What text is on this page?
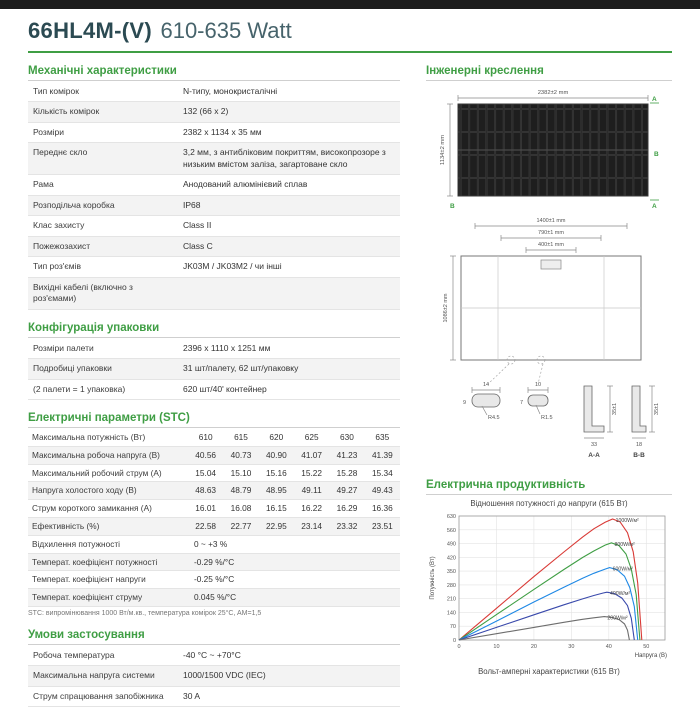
66HL4M-(V) 610-635 Watt
Механічні характеристики
Тип комірок	N-типу, монокристалічні
Кількість комірок	132 (66 x 2)
Розміри	2382 x 1134 x 35 мм
Переднє скло	3,2 мм, з антибліковим покриттям, високопрозоре з низьким вмістом заліза, загартоване скло
Рама	Анодований алюмінієвий сплав
Розподільча коробка	IP68
Клас захисту	Class II
Пожежозахист	Class C
Тип роз'ємів	JK03M / JK03M2 / чи інші
Вихідні кабелі (включно з роз'ємами)	
Конфігурація упаковки
Розміри палети	2396 x 1110 x 1251 мм
Подробиці упаковки	31 шт/палету, 62 шт/упаковку
(2 палети = 1 упаковка)	620 шт/40' контейнер
Електричні параметри (STC)
Максимальна потужність (Вт)	610	615	620	625	630	635
Максимальна робоча напруга (B)	40.56	40.73	40.90	41.07	41.23	41.39
Максимальний робочий струм (A)	15.04	15.10	15.16	15.22	15.28	15.34
Напруга холостого ходу (B)	48.63	48.79	48.95	49.11	49.27	49.43
Струм короткого замикання (A)	16.01	16.08	16.15	16.22	16.29	16.36
Ефективність (%)	22.58	22.77	22.95	23.14	23.32	23.51
Відхилення потужності	0 ~ +3 %					
Температ. коефіцієнт потужності	-0.29 %/°C					
Температ. коефіцієнт напруги	-0.25 %/°C					
Температ. коефіцієнт струму	0.045 %/°C					
STC: випромінювання 1000 Вт/м.кв., температура комірок 25°C, AM=1,5
Умови застосування
Робоча температура	-40 °C ~ +70°C
Максимальна напруга системи	1000/1500 VDC (IEC)
Струм спрацювання запобіжника	30 A
Інженерні креслення
2382±2 mm
1134±2 mm
A
A
B
B
1400±1 mm
790±1 mm
400±1 mm
1086±2 mm
14
9
R4.5
10
7
R1.5
35±1
33
A-A
35±1
18
B-B
Електрична продуктивність
Відношення потужності до напруги (615 Вт)
0
70
140
210
280
350
420
490
560
630
0	10	20	30	40	50
1000W/м²
800W/м²
600W/м²
400W/м²
200W/м²
Потужність (Вт)
Напруга (В)
Вольт-амперні характеристики (615 Вт)
